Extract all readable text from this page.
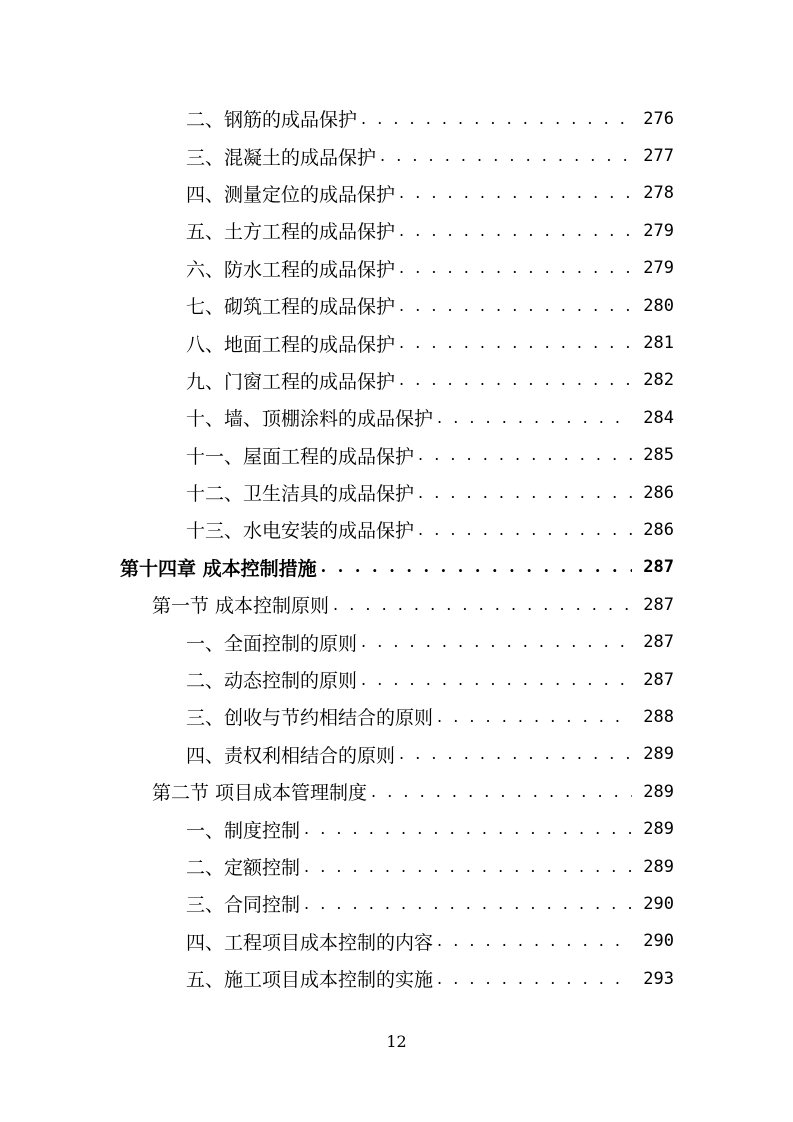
二、钢筋的成品保护 . . .	276
三、混凝土的成品保护 . . .	277
四、测量定位的成品保护 . . .	278
五、土方工程的成品保护 . . .	279
六、防水工程的成品保护 . . .	279
七、砌筑工程的成品保护 . . .	280
八、地面工程的成品保护 . . .	281
九、门窗工程的成品保护 . . .	282
十、墙、顶棚涂料的成品保护 . . .	284
十一、屋面工程的成品保护 . . .	285
十二、卫生洁具的成品保护 . . .	286
十三、水电安装的成品保护 . . .	286
第十四章 成本控制措施 . . .	287
第一节 成本控制原则 . . .	287
一、全面控制的原则 . . .	287
二、动态控制的原则 . . .	287
三、创收与节约相结合的原则 . . .	288
四、责权利相结合的原则 . . .	289
第二节 项目成本管理制度 . . .	289
一、制度控制 . . .	289
二、定额控制 . . .	289
三、合同控制 . . .	290
四、工程项目成本控制的内容 . . .	290
五、施工项目成本控制的实施 . . .	293
12
